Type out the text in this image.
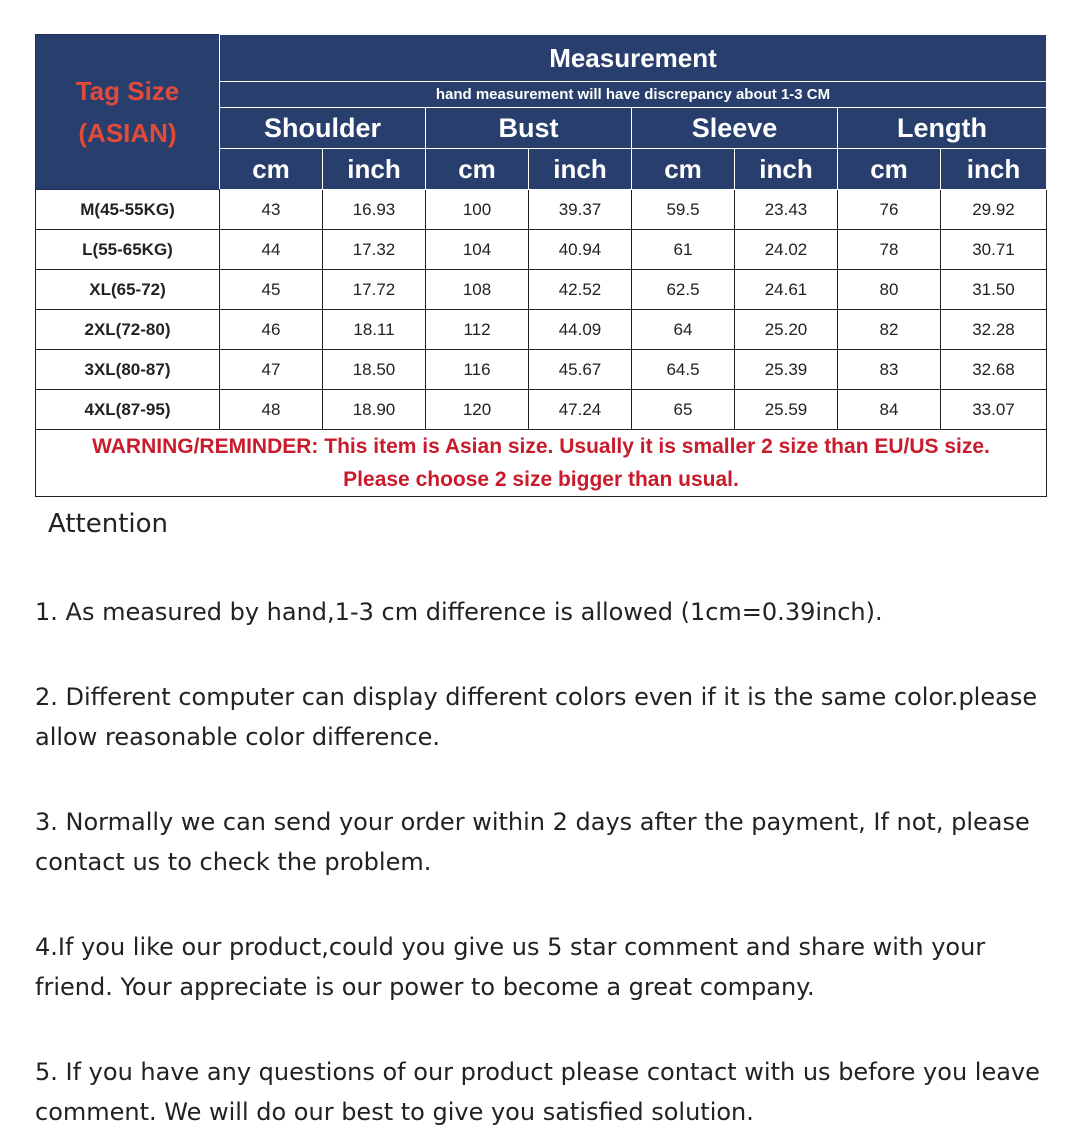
Tag Size
(ASIAN)	Measurement							
	hand measurement will have discrepancy about 1-3 CM							
	Shoulder		Bust		Sleeve		Length	
	cm	inch	cm	inch	cm	inch	cm	inch
M(45-55KG)	43	16.93	100	39.37	59.5	23.43	76	29.92
L(55-65KG)	44	17.32	104	40.94	61	24.02	78	30.71
XL(65-72)	45	17.72	108	42.52	62.5	24.61	80	31.50
2XL(72-80)	46	18.11	112	44.09	64	25.20	82	32.28
3XL(80-87)	47	18.50	116	45.67	64.5	25.39	83	32.68
4XL(87-95)	48	18.90	120	47.24	65	25.59	84	33.07

WARNING/REMINDER: This item is Asian size. Usually it is smaller 2 size than EU/US size.
Please choose 2 size bigger than usual.								
Attention

1. As measured by hand,1-3 cm difference is allowed (1cm=0.39inch).

2. Different computer can display different colors even if it is the same color.please allow reasonable color difference.

3. Normally we can send your order within 2 days after the payment, If not, please contact us to check the problem.

4.If you like our product,could you give us 5 star comment and share with your friend. Your appreciate is our power to become a great company.

5. If you have any questions of our product please contact with us before you leave comment. We will do our best to give you satisfied solution.
